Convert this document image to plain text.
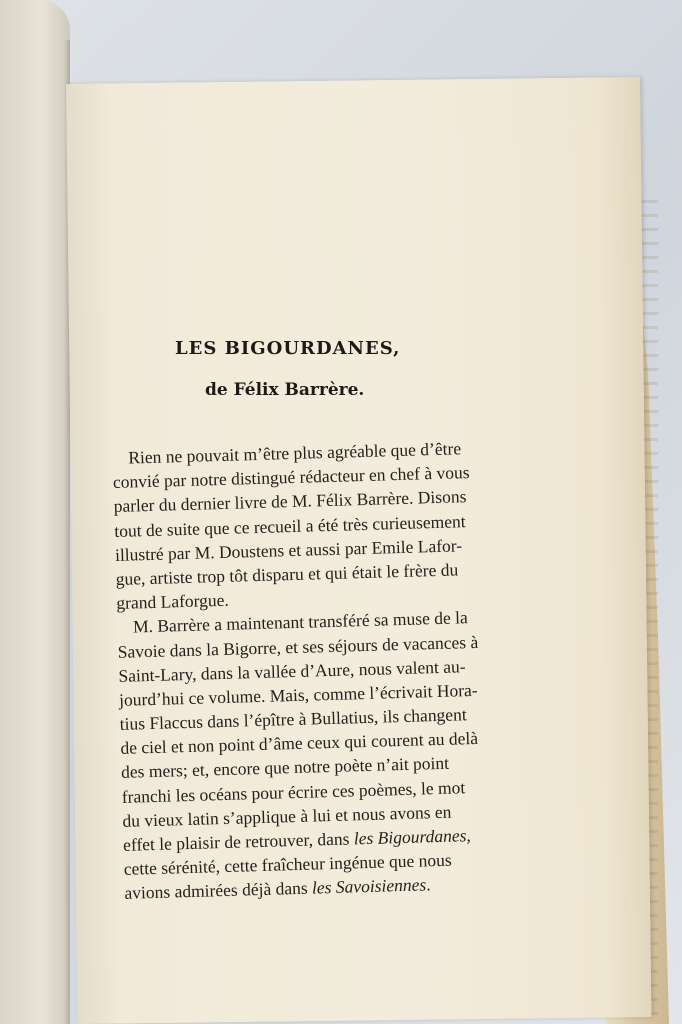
LES BIGOURDANES,
de Félix Barrère.
Rien ne pouvait m’être plus agréable que d’être
convié par notre distingué rédacteur en chef à vous
parler du dernier livre de M. Félix Barrère. Disons
tout de suite que ce recueil a été très curieusement
illustré par M. Doustens et aussi par Emile Lafor-
gue, artiste trop tôt disparu et qui était le frère du
grand Laforgue.
M. Barrère a maintenant transféré sa muse de la
Savoie dans la Bigorre, et ses séjours de vacances à
Saint-Lary, dans la vallée d’Aure, nous valent au-
jourd’hui ce volume. Mais, comme l’écrivait Hora-
tius Flaccus dans l’épître à Bullatius, ils changent
de ciel et non point d’âme ceux qui courent au delà
des mers; et, encore que notre poète n’ait point
franchi les océans pour écrire ces poèmes, le mot
du vieux latin s’applique à lui et nous avons en
effet le plaisir de retrouver, dans les Bigourdanes,
cette sérénité, cette fraîcheur ingénue que nous
avions admirées déjà dans les Savoisiennes.
